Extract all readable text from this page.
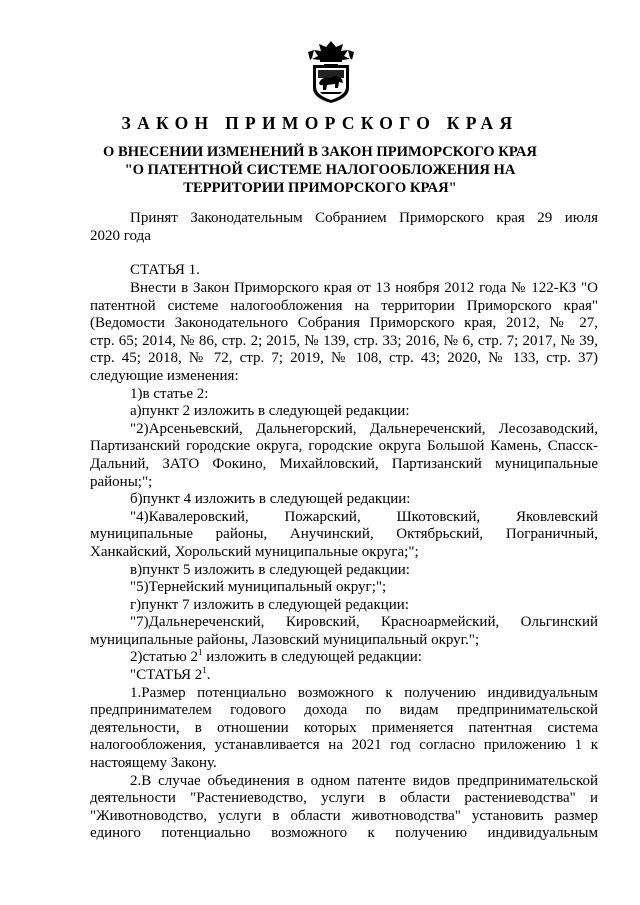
ЗАКОН ПРИМОРСКОГО КРАЯ
О ВНЕСЕНИИ ИЗМЕНЕНИЙ В ЗАКОН ПРИМОРСКОГО КРАЯ
"О ПАТЕНТНОЙ СИСТЕМЕ НАЛОГООБЛОЖЕНИЯ НА
ТЕРРИТОРИИ ПРИМОРСКОГО КРАЯ"
Принят Законодательным Собранием Приморского края 29 июля
2020 года
СТАТЬЯ 1.
Внести в Закон Приморского края от 13 ноября 2012 года № 122-КЗ "О
патентной системе налогообложения на территории Приморского края"
(Ведомости Законодательного Собрания Приморского края, 2012, № 27,
стр. 65; 2014, № 86, стр. 2; 2015, № 139, стр. 33; 2016, № 6, стр. 7; 2017, № 39,
стр. 45; 2018, № 72, стр. 7; 2019, № 108, стр. 43; 2020, № 133, стр. 37)
следующие изменения:
1)в статье 2:
а)пункт 2 изложить в следующей редакции:
"2)Арсеньевский, Дальнегорский, Дальнереченский, Лесозаводский,
Партизанский городские округа, городские округа Большой Камень, Спасск-
Дальний, ЗАТО Фокино, Михайловский, Партизанский муниципальные
районы;";
б)пункт 4 изложить в следующей редакции:
"4)Кавалеровский, Пожарский, Шкотовский, Яковлевский
муниципальные районы, Анучинский, Октябрьский, Пограничный,
Ханкайский, Хорольский муниципальные округа;";
в)пункт 5 изложить в следующей редакции:
"5)Тернейский муниципальный округ;";
г)пункт 7 изложить в следующей редакции:
"7)Дальнереченский, Кировский, Красноармейский, Ольгинский
муниципальные районы, Лазовский муниципальный округ.";
2)статью $2^1$ изложить в следующей редакции:
"СТАТЬЯ $2^1$.
1.Размер потенциально возможного к получению индивидуальным
предпринимателем годового дохода по видам предпринимательской
деятельности, в отношении которых применяется патентная система
налогообложения, устанавливается на 2021 год согласно приложению 1 к
настоящему Закону.
2.В случае объединения в одном патенте видов предпринимательской
деятельности "Растениеводство, услуги в области растениеводства" и
"Животноводство, услуги в области животноводства" установить размер
единого потенциально возможного к получению индивидуальным
